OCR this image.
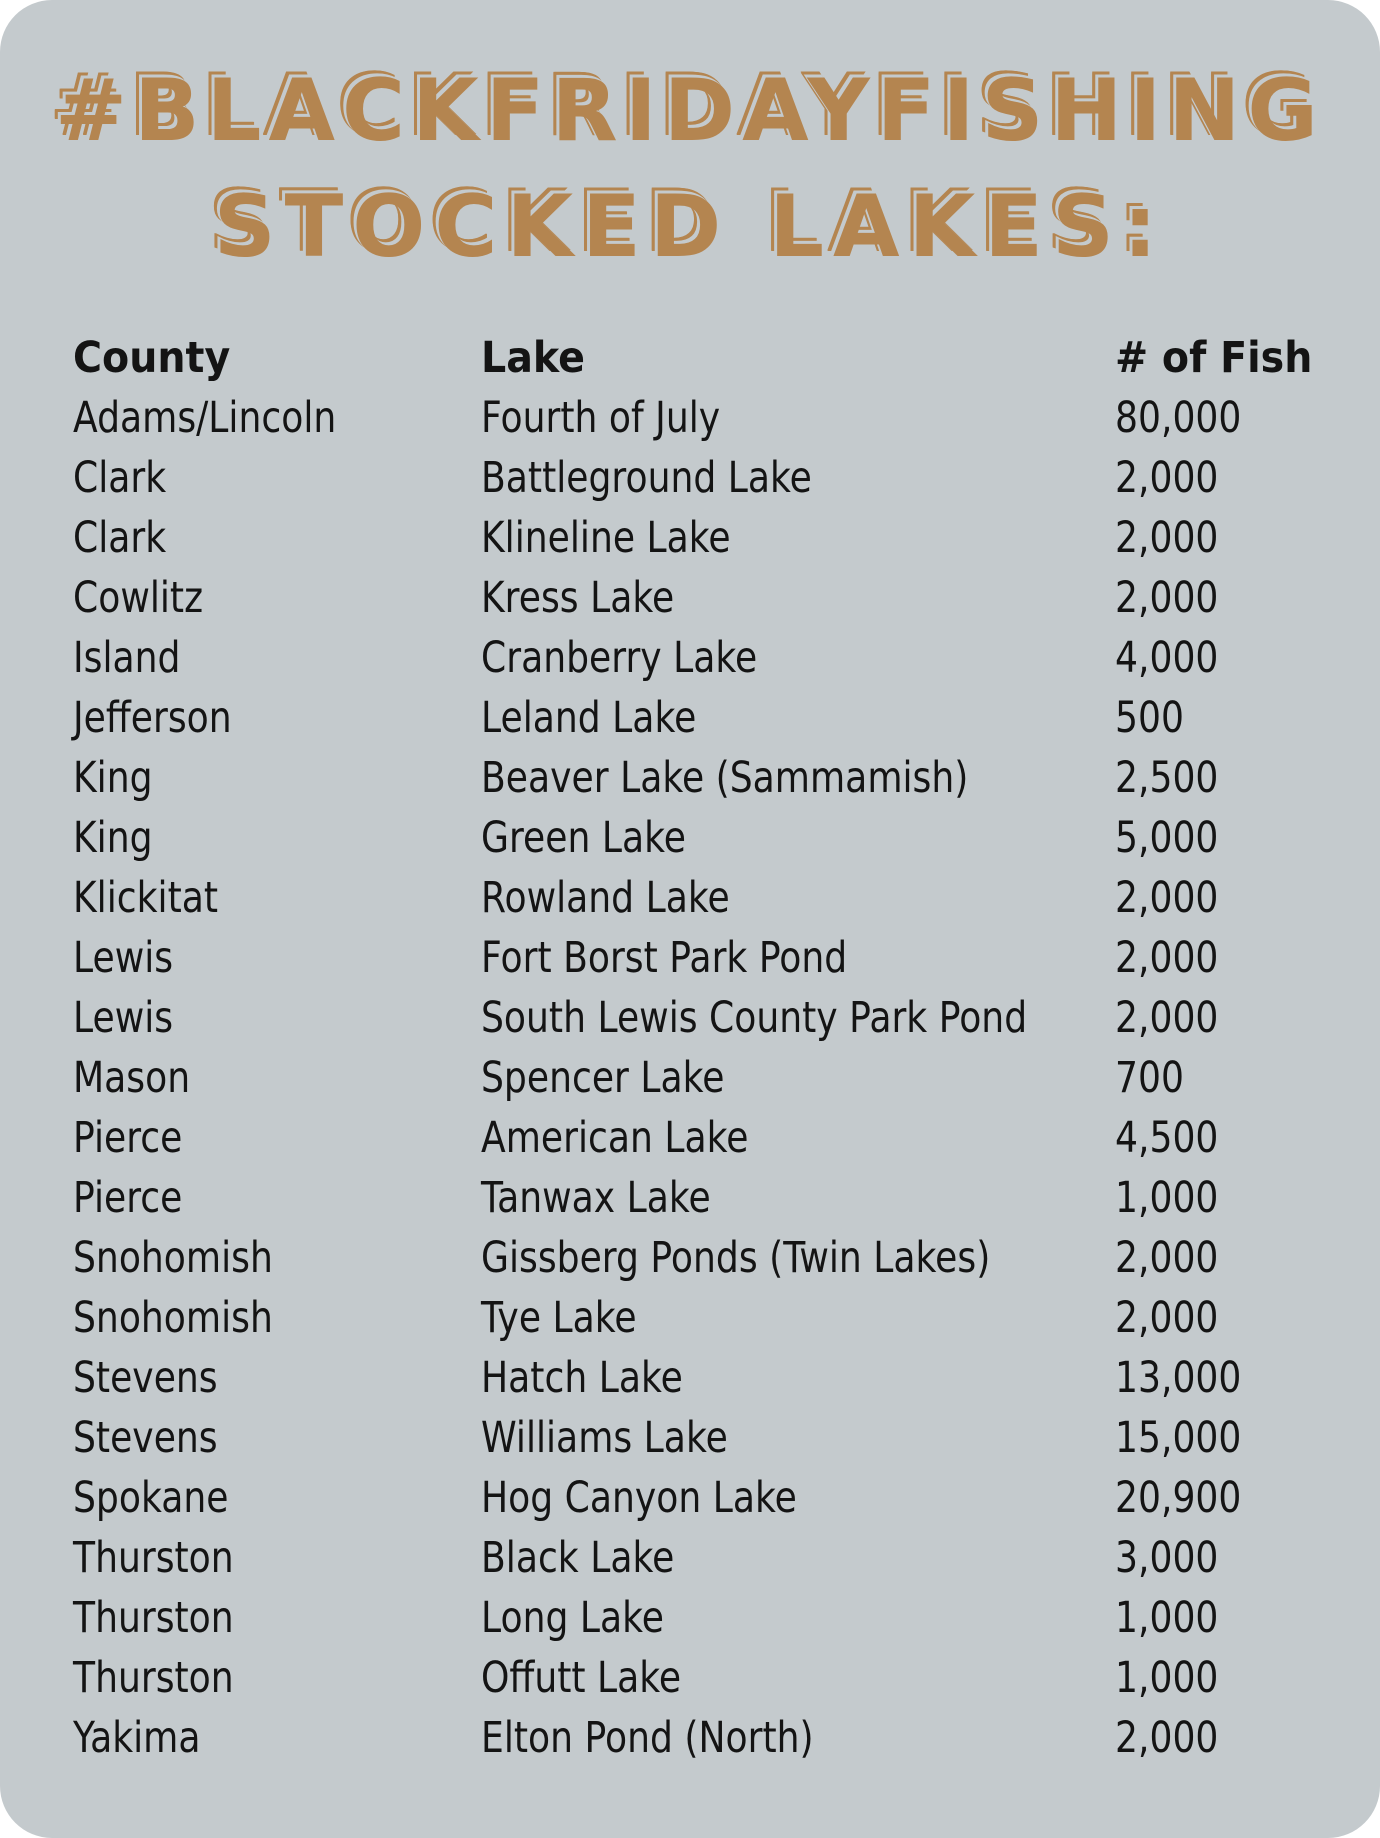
#BLACKFRIDAYFISHING
STOCKED LAKES:
County	Lake	# of Fish
Adams/Lincoln	Fourth of July	80,000
Clark	Battleground Lake	2,000
Clark	Klineline Lake	2,000
Cowlitz	Kress Lake	2,000
Island	Cranberry Lake	4,000
Jefferson	Leland Lake	500
King	Beaver Lake (Sammamish)	2,500
King	Green Lake	5,000
Klickitat	Rowland Lake	2,000
Lewis	Fort Borst Park Pond	2,000
Lewis	South Lewis County Park Pond 2,000
Mason	Spencer Lake	700
Pierce	American Lake	4,500
Pierce	Tanwax Lake	1,000
Snohomish	Gissberg Ponds (Twin Lakes)	2,000
Snohomish	Tye Lake	2,000
Stevens	Hatch Lake	13,000
Stevens	Williams Lake	15,000
Spokane	Hog Canyon Lake	20,900
Thurston	Black Lake	3,000
Thurston	Long Lake	1,000
Thurston	Offutt Lake	1,000
Yakima	Elton Pond (North)	2,000
